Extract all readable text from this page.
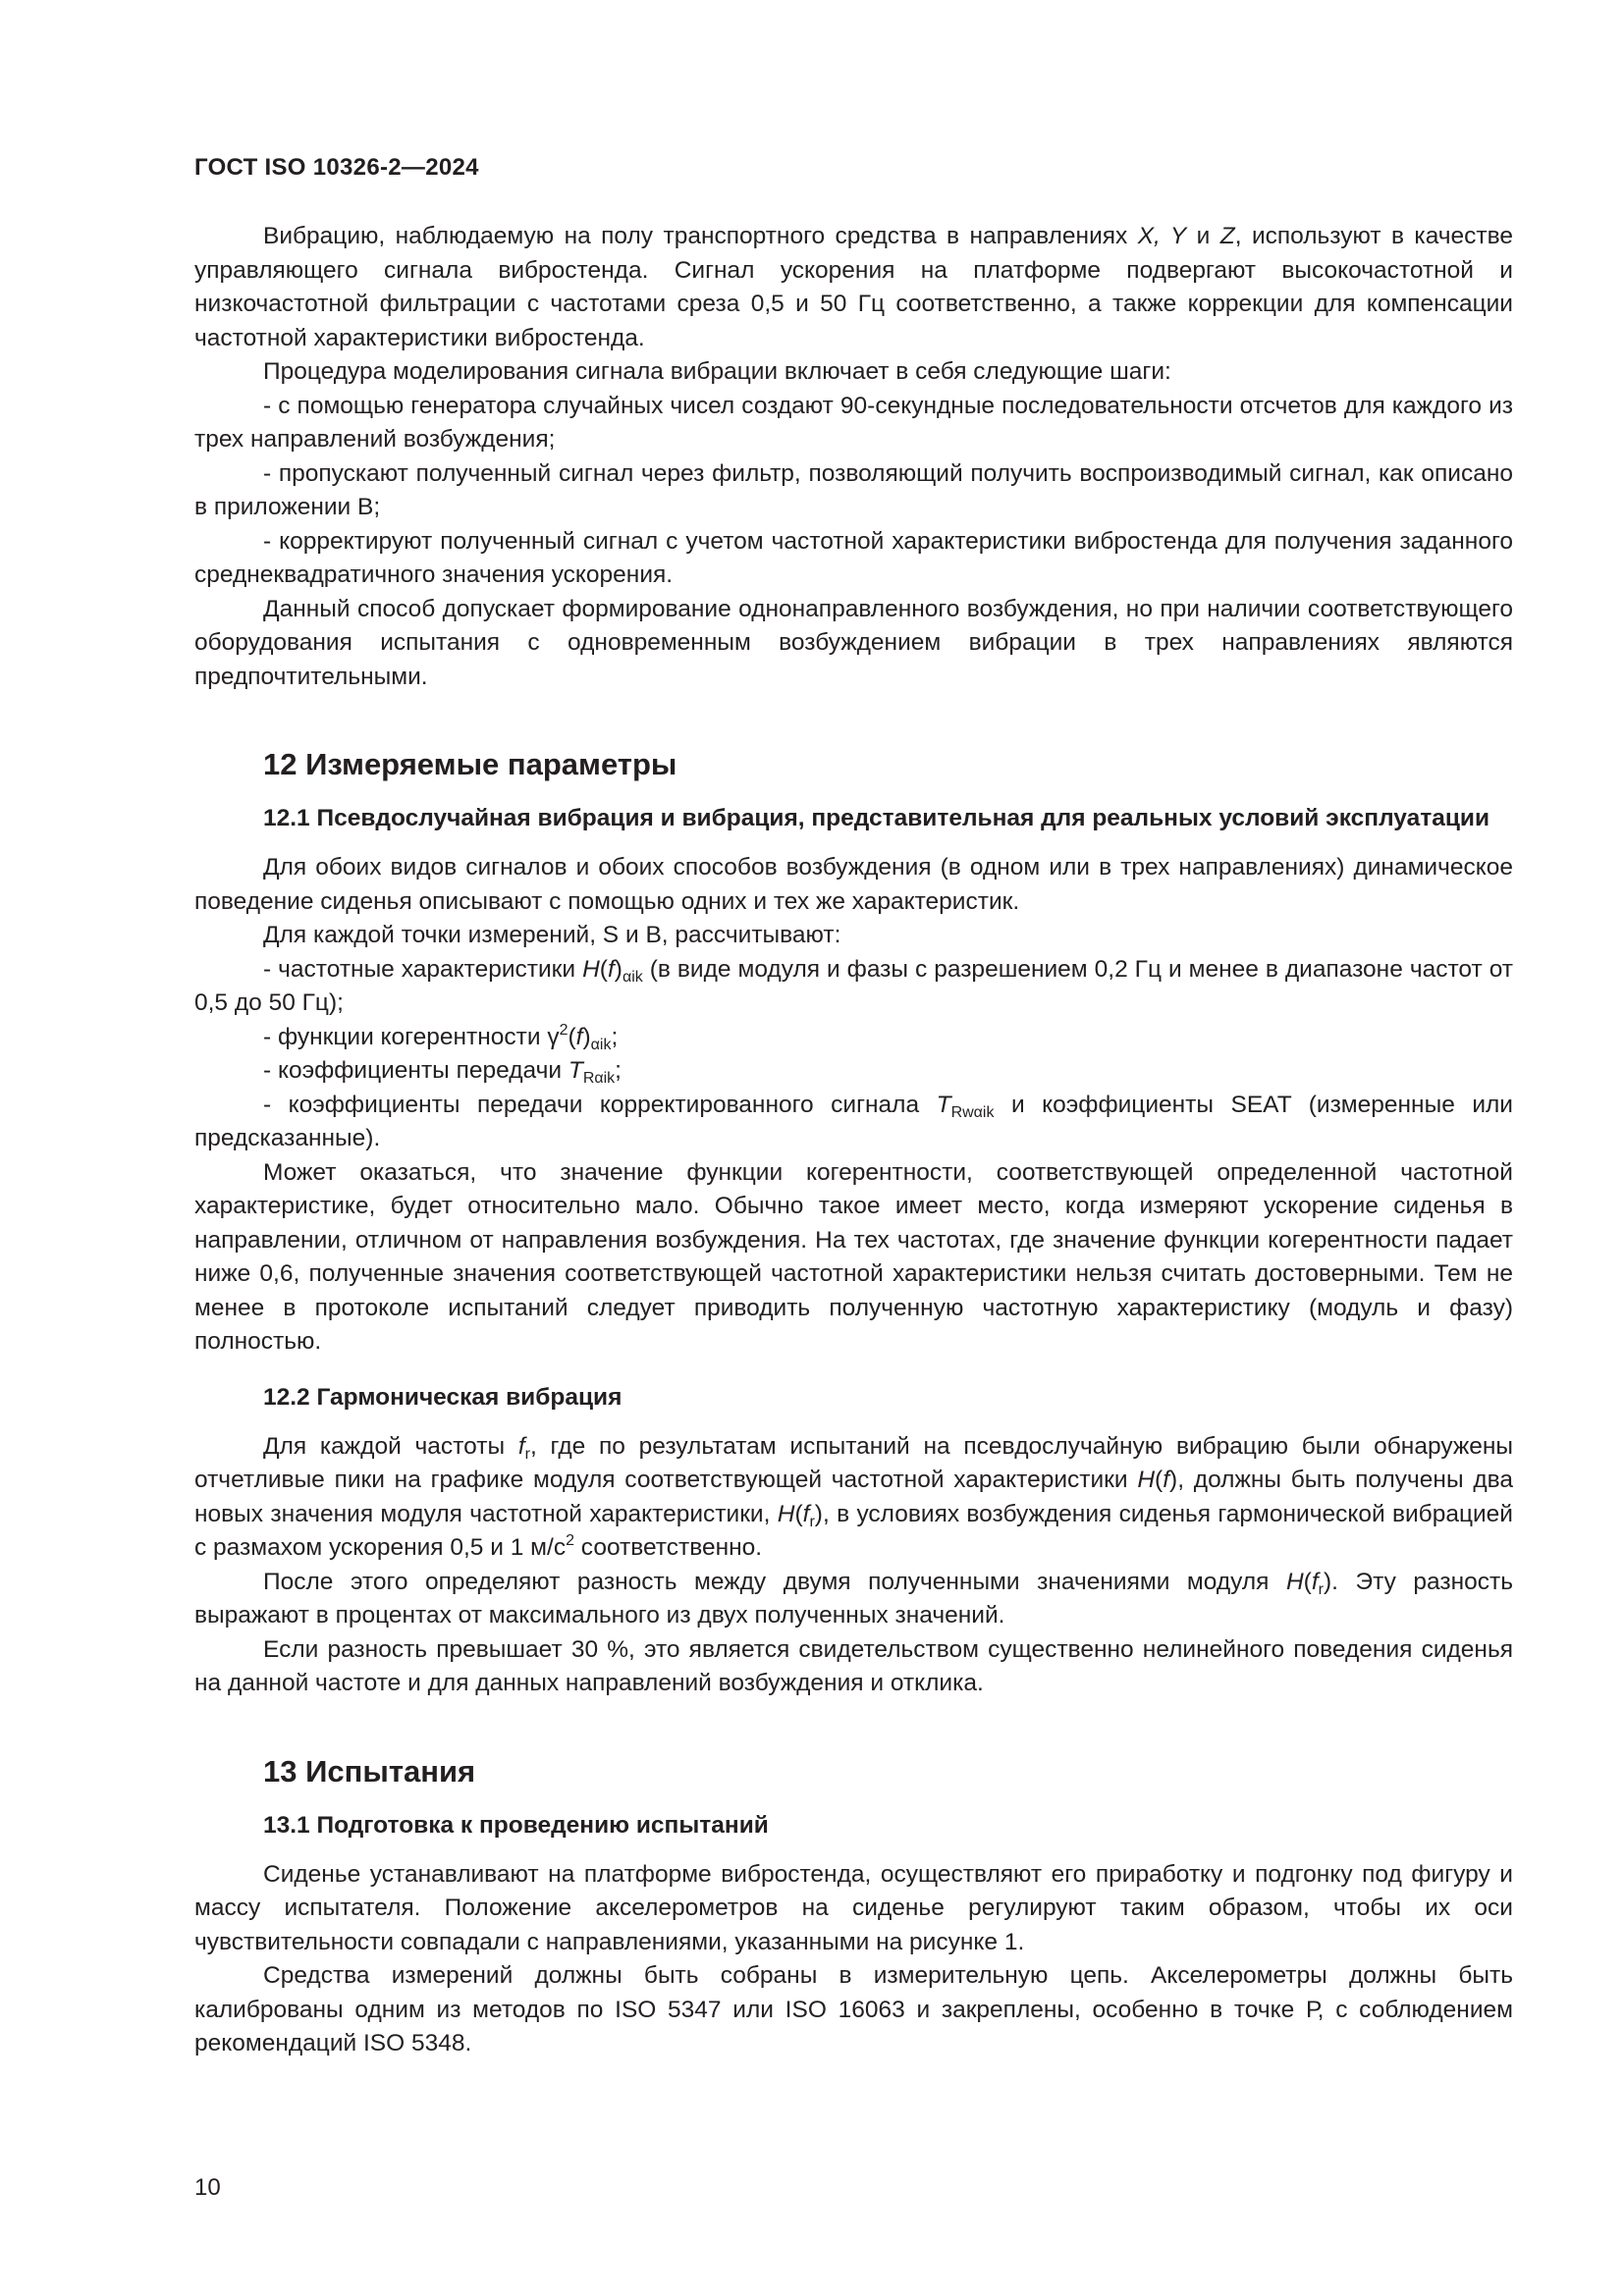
ГОСТ ISO 10326-2—2024

Вибрацию, наблюдаемую на полу транспортного средства в направлениях X, Y и Z, используют в качестве управляющего сигнала вибростенда. Сигнал ускорения на платформе подвергают высокочастотной и низкочастотной фильтрации с частотами среза 0,5 и 50 Гц соответственно, а также коррекции для компенсации частотной характеристики вибростенда.

Процедура моделирования сигнала вибрации включает в себя следующие шаги:

- с помощью генератора случайных чисел создают 90-секундные последовательности отсчетов для каждого из трех направлений возбуждения;

- пропускают полученный сигнал через фильтр, позволяющий получить воспроизводимый сигнал, как описано в приложении В;

- корректируют полученный сигнал с учетом частотной характеристики вибростенда для получения заданного среднеквадратичного значения ускорения.

Данный способ допускает формирование однонаправленного возбуждения, но при наличии соответствующего оборудования испытания с одновременным возбуждением вибрации в трех направлениях являются предпочтительными.

12 Измеряемые параметры
12.1 Псевдослучайная вибрация и вибрация, представительная для реальных условий эксплуатации

Для обоих видов сигналов и обоих способов возбуждения (в одном или в трех направлениях) динамическое поведение сиденья описывают с помощью одних и тех же характеристик.

Для каждой точки измерений, S и B, рассчитывают:

- частотные характеристики $H(f)_{\alpha ik}$ (в виде модуля и фазы с разрешением 0,2 Гц и менее в диапазоне частот от 0,5 до 50 Гц);

- функции когерентности $\gamma^2(f)_{\alpha ik}$;

- коэффициенты передачи $T_{R\alpha ik}$;

- коэффициенты передачи корректированного сигнала $T_{Rw\alpha ik}$ и коэффициенты SEAT (измеренные или предсказанные).

Может оказаться, что значение функции когерентности, соответствующей определенной частотной характеристике, будет относительно мало. Обычно такое имеет место, когда измеряют ускорение сиденья в направлении, отличном от направления возбуждения. На тех частотах, где значение функции когерентности падает ниже 0,6, полученные значения соответствующей частотной характеристики нельзя считать достоверными. Тем не менее в протоколе испытаний следует приводить полученную частотную характеристику (модуль и фазу) полностью.

12.2 Гармоническая вибрация

Для каждой частоты $f_r$, где по результатам испытаний на псевдослучайную вибрацию были обнаружены отчетливые пики на графике модуля соответствующей частотной характеристики H(f), должны быть получены два новых значения модуля частотной характеристики, $H(f_r)$, в условиях возбуждения сиденья гармонической вибрацией с размахом ускорения 0,5 и 1 $м/с^2$ соответственно.

После этого определяют разность между двумя полученными значениями модуля $H(f_r)$. Эту разность выражают в процентах от максимального из двух полученных значений.

Если разность превышает 30 %, это является свидетельством существенно нелинейного поведения сиденья на данной частоте и для данных направлений возбуждения и отклика.

13 Испытания
13.1 Подготовка к проведению испытаний

Сиденье устанавливают на платформе вибростенда, осуществляют его приработку и подгонку под фигуру и массу испытателя. Положение акселерометров на сиденье регулируют таким образом, чтобы их оси чувствительности совпадали с направлениями, указанными на рисунке 1.

Средства измерений должны быть собраны в измерительную цепь. Акселерометры должны быть калиброваны одним из методов по ISO 5347 или ISO 16063 и закреплены, особенно в точке Р, с соблюдением рекомендаций ISO 5348.

10
